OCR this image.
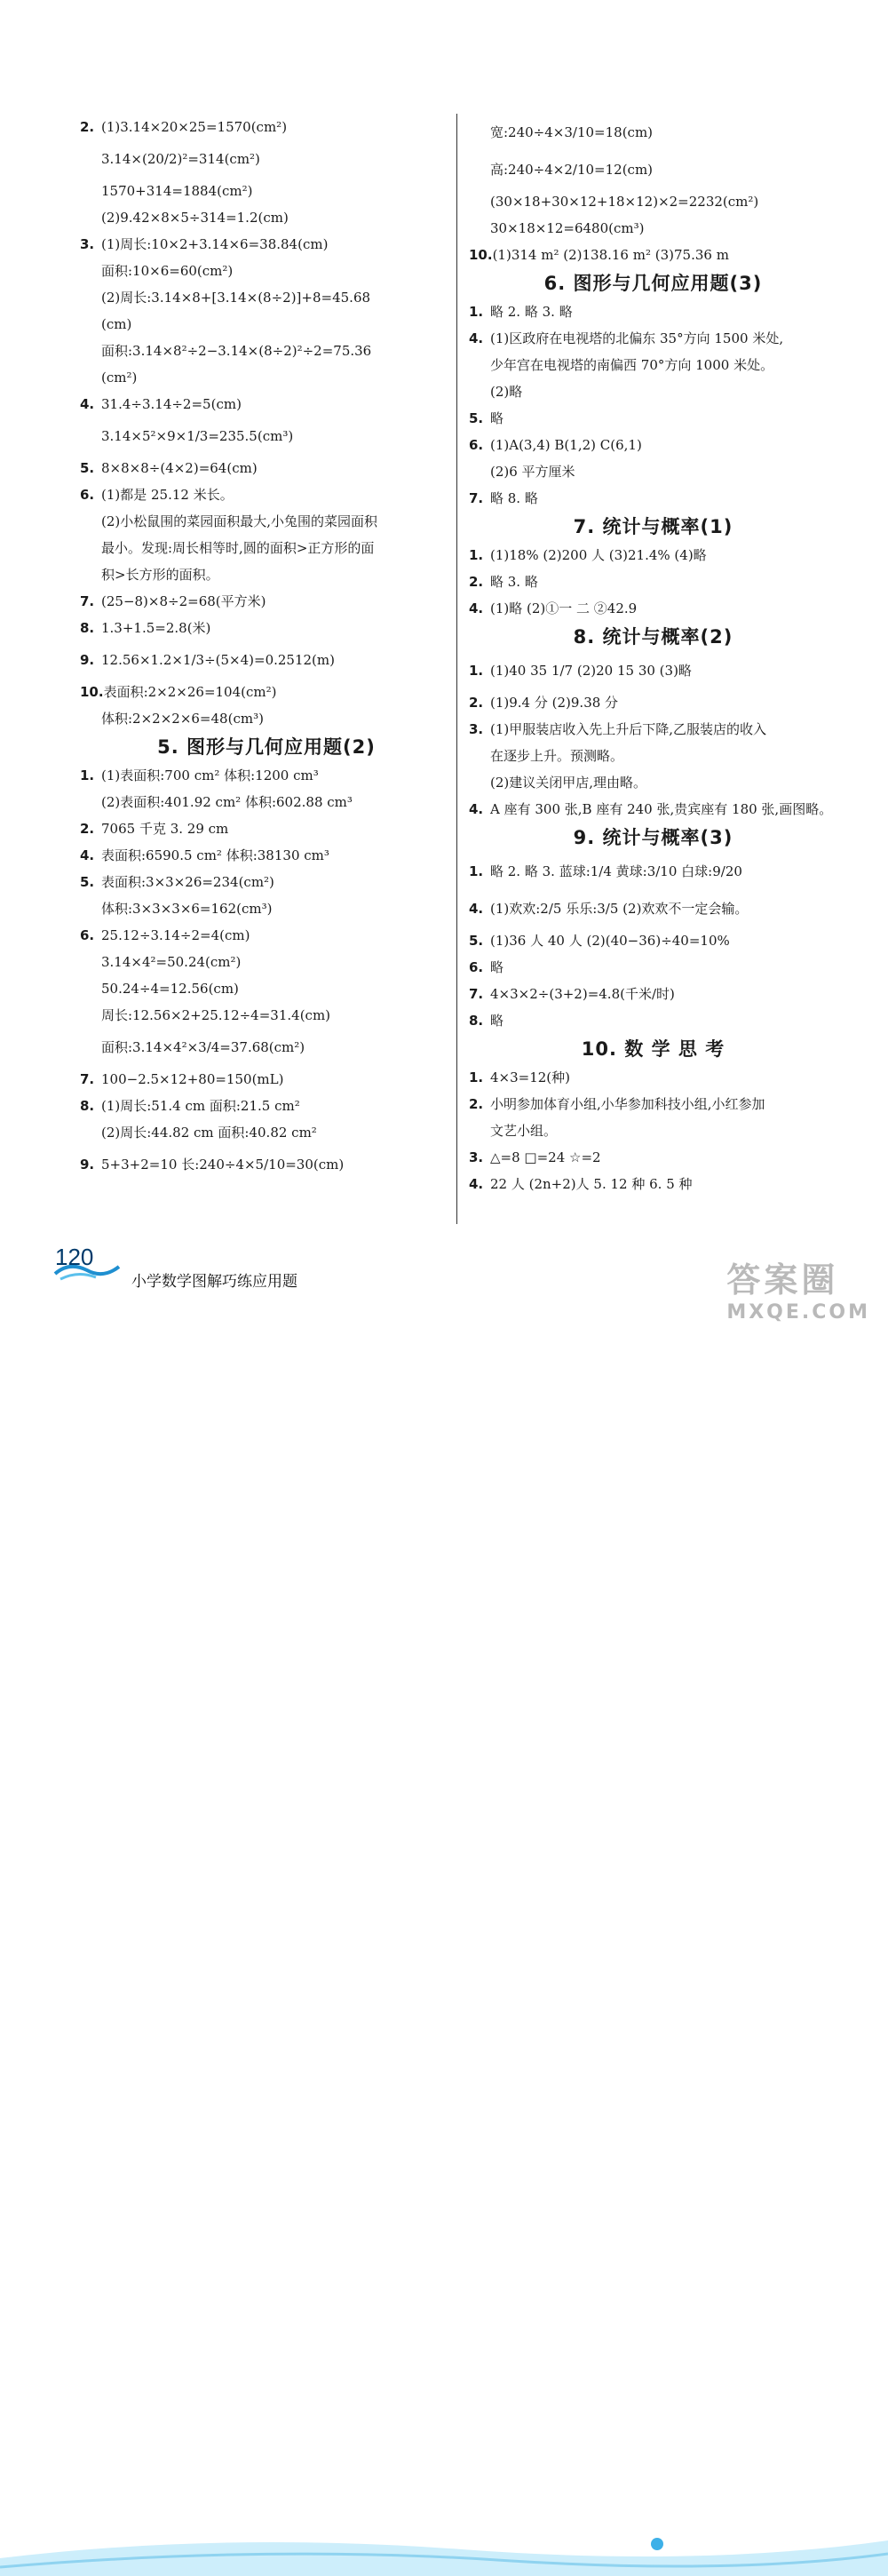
2. (1)3.14×20×25=1570(cm²)
3.14×(20/2)²=314(cm²)
1570+314=1884(cm²)
(2)9.42×8×5÷314=1.2(cm)
3. (1)周长:10×2+3.14×6=38.84(cm)
面积:10×6=60(cm²)
(2)周长:3.14×8+[3.14×(8÷2)]+8=45.68
(cm)
面积:3.14×8²÷2−3.14×(8÷2)²÷2=75.36
(cm²)
4. 31.4÷3.14÷2=5(cm)
3.14×5²×9×1/3=235.5(cm³)
5. 8×8×8÷(4×2)=64(cm)
6. (1)都是 25.12 米长。
(2)小松鼠围的菜园面积最大,小兔围的菜园面积
最小。发现:周长相等时,圆的面积>正方形的面
积>长方形的面积。
7. (25−8)×8÷2=68(平方米)
8. 1.3+1.5=2.8(米)
9. 12.56×1.2×1/3÷(5×4)=0.2512(m)
10.表面积:2×2×26=104(cm²)
体积:2×2×2×6=48(cm³)
5. 图形与几何应用题(2)
1. (1)表面积:700 cm² 体积:1200 cm³
(2)表面积:401.92 cm² 体积:602.88 cm³
2. 7065 千克 3. 29 cm
4. 表面积:6590.5 cm² 体积:38130 cm³
5. 表面积:3×3×26=234(cm²)
体积:3×3×3×6=162(cm³)
6. 25.12÷3.14÷2=4(cm)
3.14×4²=50.24(cm²)
50.24÷4=12.56(cm)
周长:12.56×2+25.12÷4=31.4(cm)
面积:3.14×4²×3/4=37.68(cm²)
7. 100−2.5×12+80=150(mL)
8. (1)周长:51.4 cm 面积:21.5 cm²
(2)周长:44.82 cm 面积:40.82 cm²
9. 5+3+2=10 长:240÷4×5/10=30(cm)
宽:240÷4×3/10=18(cm)
高:240÷4×2/10=12(cm)
(30×18+30×12+18×12)×2=2232(cm²)
30×18×12=6480(cm³)
10.(1)314 m² (2)138.16 m² (3)75.36 m
6. 图形与几何应用题(3)
1. 略 2. 略 3. 略
4. (1)区政府在电视塔的北偏东 35°方向 1500 米处,
少年宫在电视塔的南偏西 70°方向 1000 米处。
(2)略
5. 略
6. (1)A(3,4) B(1,2) C(6,1)
(2)6 平方厘米
7. 略 8. 略
7. 统计与概率(1)
1. (1)18% (2)200 人 (3)21.4% (4)略
2. 略 3. 略
4. (1)略 (2)①一 二 ②42.9
8. 统计与概率(2)
1. (1)40 35 1/7 (2)20 15 30 (3)略
2. (1)9.4 分 (2)9.38 分
3. (1)甲服装店收入先上升后下降,乙服装店的收入
在逐步上升。预测略。
(2)建议关闭甲店,理由略。
4. A 座有 300 张,B 座有 240 张,贵宾座有 180 张,画图略。
9. 统计与概率(3)
1. 略 2. 略 3. 蓝球:1/4 黄球:3/10 白球:9/20
4. (1)欢欢:2/5 乐乐:3/5 (2)欢欢不一定会输。
5. (1)36 人 40 人 (2)(40−36)÷40=10%
6. 略
7. 4×3×2÷(3+2)=4.8(千米/时)
8. 略
10. 数 学 思 考
1. 4×3=12(种)
2. 小明参加体育小组,小华参加科技小组,小红参加
文艺小组。
3. △=8 □=24 ☆=2
4. 22 人 (2n+2)人 5. 12 种 6. 5 种
120
小学数学图解巧练应用题	答案圈
MXQE.COM
